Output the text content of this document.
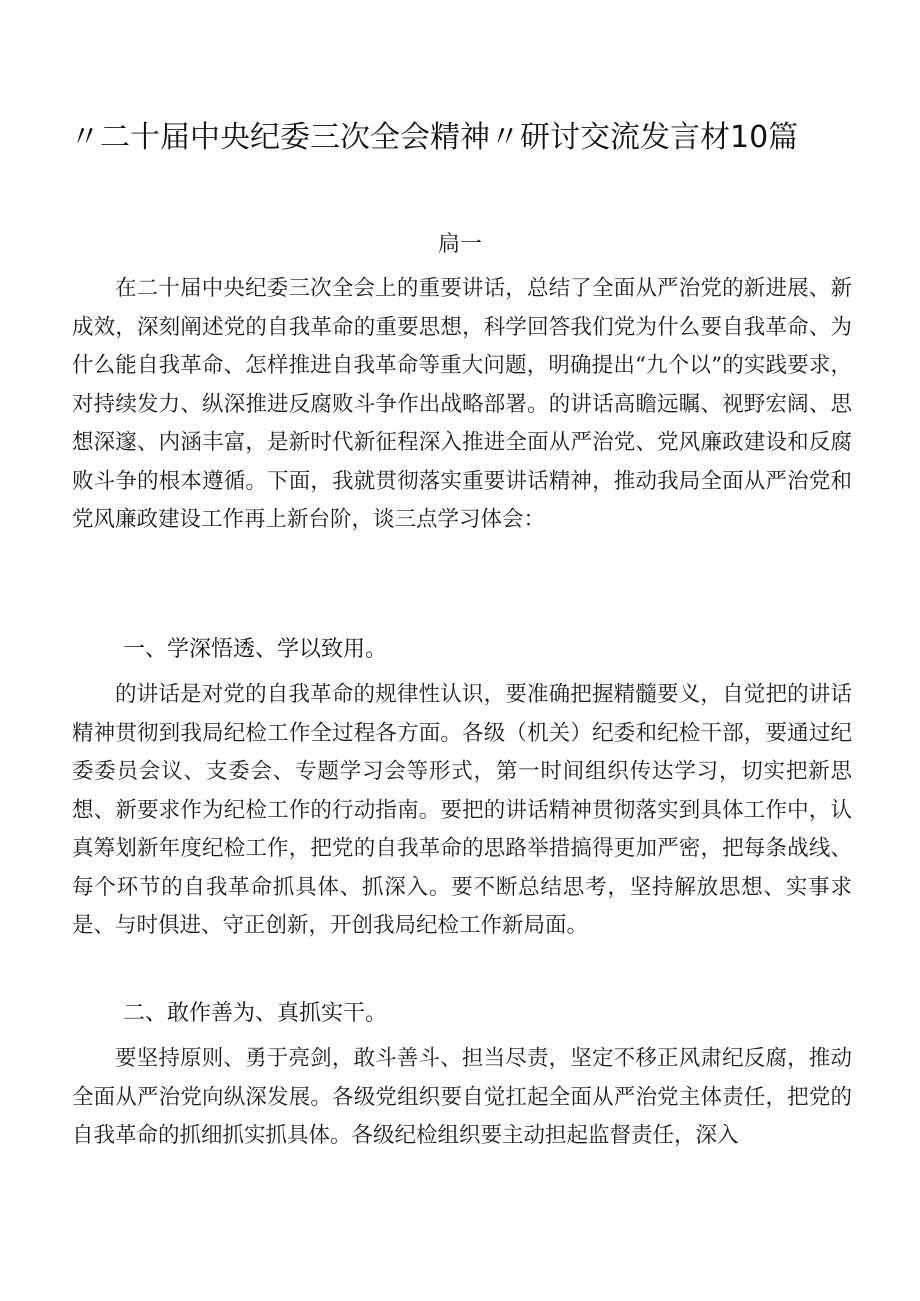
〃二十届中央纪委三次全会精神〃研讨交流发言材10篇
扃一

在二十届中央纪委三次全会上的重要讲话，总结了全面从严治党的新进展、新成效，深刻阐述党的自我革命的重要思想，科学回答我们党为什么要自我革命、为什么能自我革命、怎样推进自我革命等重大问题，明确提出“九个以”的实践要求，对持续发力、纵深推进反腐败斗争作出战略部署。的讲话高瞻远瞩、视野宏阔、思想深邃、内涵丰富，是新时代新征程深入推进全面从严治党、党风廉政建设和反腐败斗争的根本遵循。下面，我就贯彻落实重要讲话精神，推动我局全面从严治党和党风廉政建设工作再上新台阶，谈三点学习体会：

一、学深悟透、学以致用。

的讲话是对党的自我革命的规律性认识，要准确把握精髓要义，自觉把的讲话精神贯彻到我局纪检工作全过程各方面。各级（机关）纪委和纪检干部，要通过纪委委员会议、支委会、专题学习会等形式，第一时间组织传达学习，切实把新思想、新要求作为纪检工作的行动指南。要把的讲话精神贯彻落实到具体工作中，认真筹划新年度纪检工作，把党的自我革命的思路举措搞得更加严密，把每条战线、每个环节的自我革命抓具体、抓深入。要不断总结思考，坚持解放思想、实事求是、与时俱进、守正创新，开创我局纪检工作新局面。

二、敢作善为、真抓实干。

要坚持原则、勇于亮剑，敢斗善斗、担当尽责，坚定不移正风肃纪反腐，推动全面从严治党向纵深发展。各级党组织要自觉扛起全面从严治党主体责任，把党的自我革命的抓细抓实抓具体。各级纪检组织要主动担起监督责任，深入
